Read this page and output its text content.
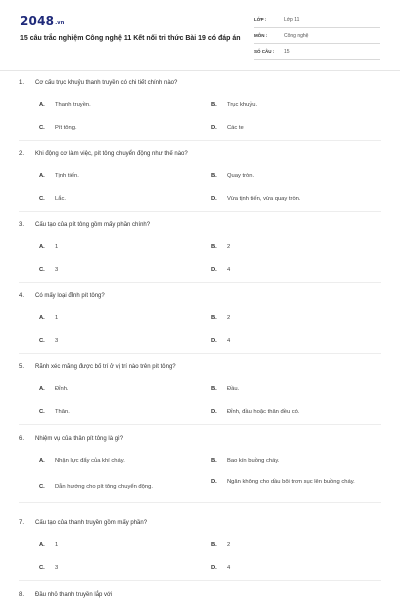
2048.vn
15 câu trắc nghiệm Công nghệ 11 Kết nối tri thức Bài 19 có đáp án
LỚP :	Lớp 11
MÔN :	Công nghệ
SỐ CÂU : 15
1. Cơ cấu trục khuỷu thanh truyền có chi tiết chính nào?
A. Thanh truyền.	B. Trục khuỷu.
C. Pít tông.	D. Các te
2. Khi động cơ làm việc, pít tông chuyển động như thế nào?
A. Tịnh tiến.	B. Quay tròn.
C. Lắc.	D. Vừa tịnh tiến, vừa quay tròn.
3. Cấu tạo của pít tông gồm mấy phần chính?
A. 1	B. 2
C. 3	D. 4
4. Có mấy loại đỉnh pít tông?
A. 1	B. 2
C. 3	D. 4
5. Rãnh xéc măng được bố trí ở vị trí nào trên pít tông?
A. Đỉnh.	B. Đầu.
C. Thân.	D. Đỉnh, đầu hoặc thân đều có.
6. Nhiệm vụ của thân pít tông là gì?
A. Nhận lực đẩy của khí cháy.	B. Bao kín buồng cháy.
C. Dẫn hướng cho pít tông chuyển động.
D. Ngăn không cho dầu bôi trơn sục lên buồng cháy.
7. Cấu tạo của thanh truyền gồm mấy phần?
A. 1	B. 2
C. 3	D. 4
8. Đầu nhỏ thanh truyền lắp với
